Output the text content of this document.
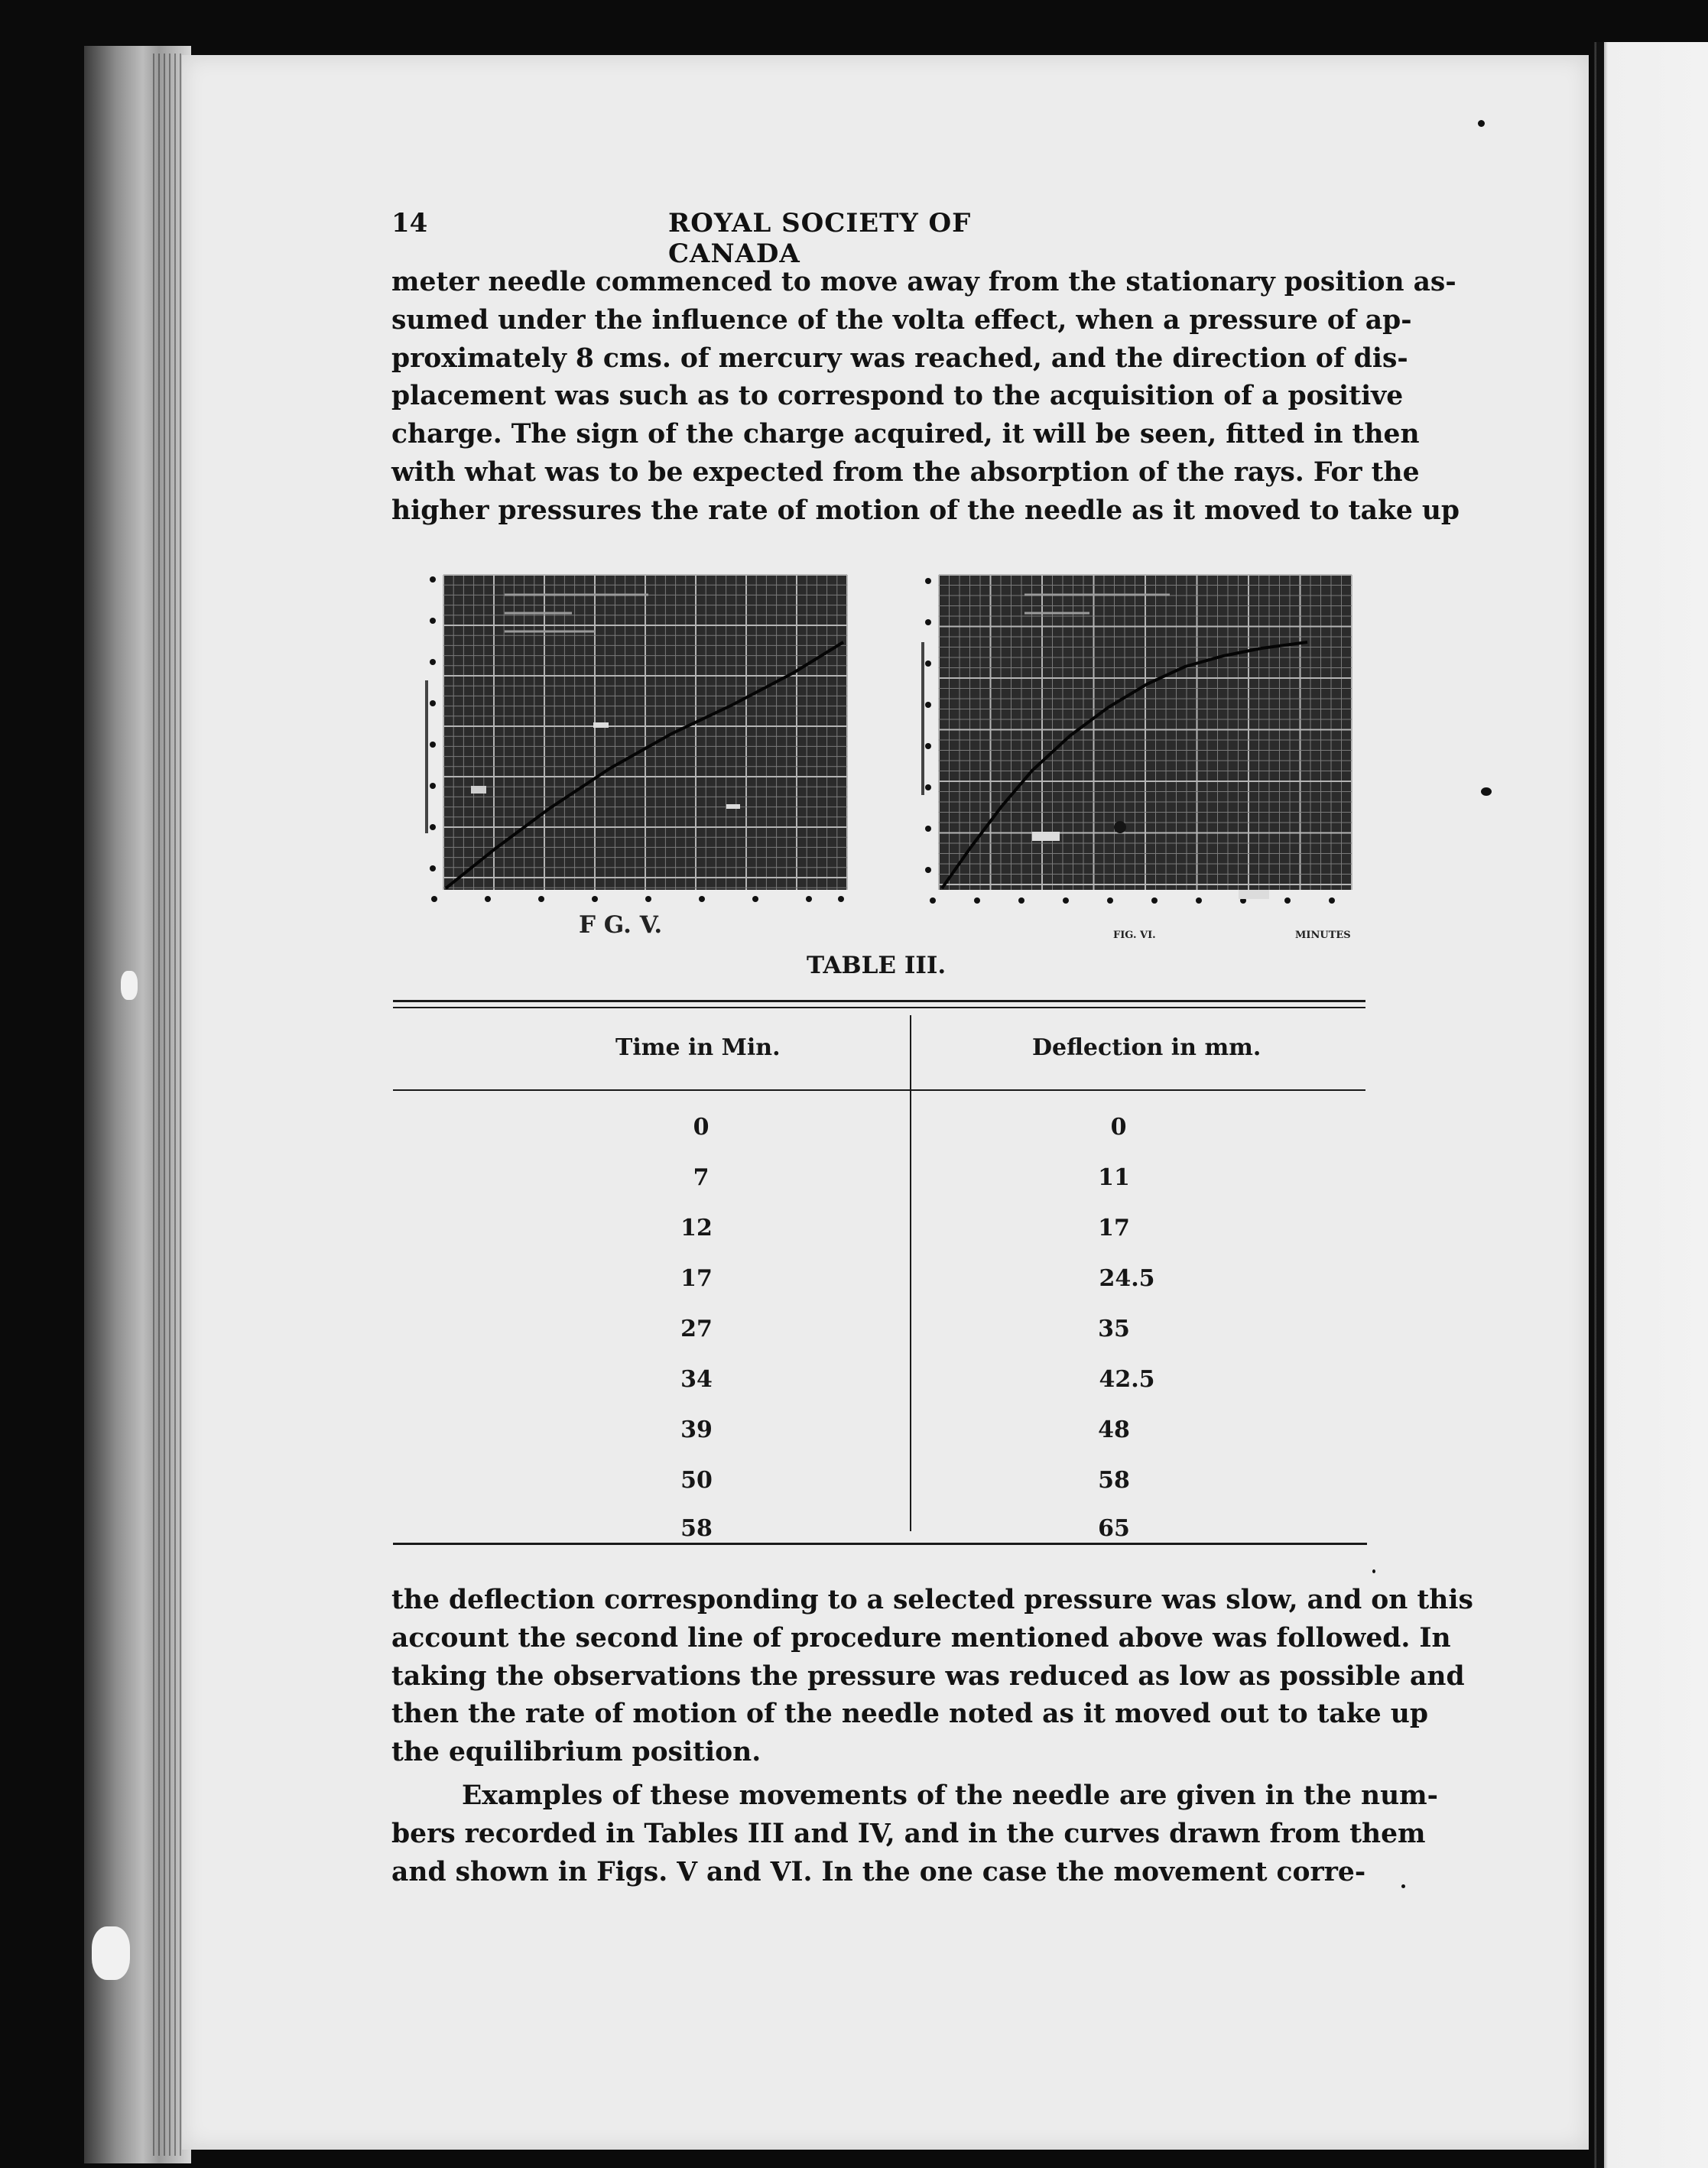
14	ROYAL SOCIETY OF CANADA
meter needle commenced to move away from the stationary position as-
sumed under the influence of the volta effect, when a pressure of ap-
proximately 8 cms. of mercury was reached, and the direction of dis-
placement was such as to correspond to the acquisition of a positive
charge. The sign of the charge acquired, it will be seen, fitted in then
with what was to be expected from the absorption of the rays. For the
higher pressures the rate of motion of the needle as it moved to take up
F G. V.	FIG. VI.	MINUTES
TABLE III.
Time in Min.	Deflection in mm.
0	0
7	11
12	17
17	24.5
27	35
34	42.5
39	48
50	58
58	65
the deflection corresponding to a selected pressure was slow, and on this
account the second line of procedure mentioned above was followed. In
taking the observations the pressure was reduced as low as possible and
then the rate of motion of the needle noted as it moved out to take up
the equilibrium position.
Examples of these movements of the needle are given in the num-
bers recorded in Tables III and IV, and in the curves drawn from them
and shown in Figs. V and VI. In the one case the movement corre-
